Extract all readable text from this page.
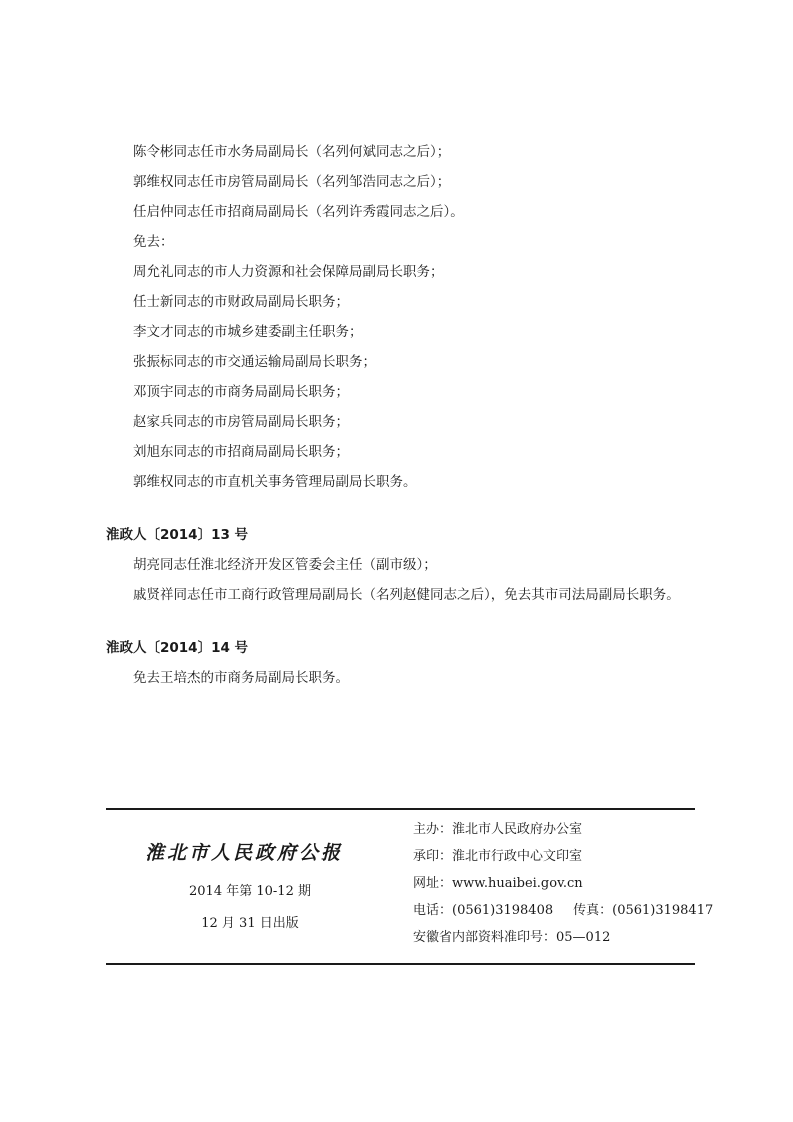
陈令彬同志任市水务局副局长（名列何斌同志之后）；
郭维权同志任市房管局副局长（名列邹浩同志之后）；
任启仲同志任市招商局副局长（名列许秀霞同志之后）。
免去：
周允礼同志的市人力资源和社会保障局副局长职务；
任士新同志的市财政局副局长职务；
李文才同志的市城乡建委副主任职务；
张振标同志的市交通运输局副局长职务；
邓顶宇同志的市商务局副局长职务；
赵家兵同志的市房管局副局长职务；
刘旭东同志的市招商局副局长职务；
郭维权同志的市直机关事务管理局副局长职务。
淮政人〔2014〕13 号
胡亮同志任淮北经济开发区管委会主任（副市级）；
戚贤祥同志任市工商行政管理局副局长（名列赵健同志之后），免去其市司法局副局长职务。
淮政人〔2014〕14 号
免去王培杰的市商务局副局长职务。
淮北市人民政府公报
2014 年第 10-12 期
12 月 31 日出版
主办：淮北市人民政府办公室
承印：淮北市行政中心文印室
网址：www.huaibei.gov.cn
电话：(0561)3198408 传真：(0561)3198417
安徽省内部资料准印号：05—012
